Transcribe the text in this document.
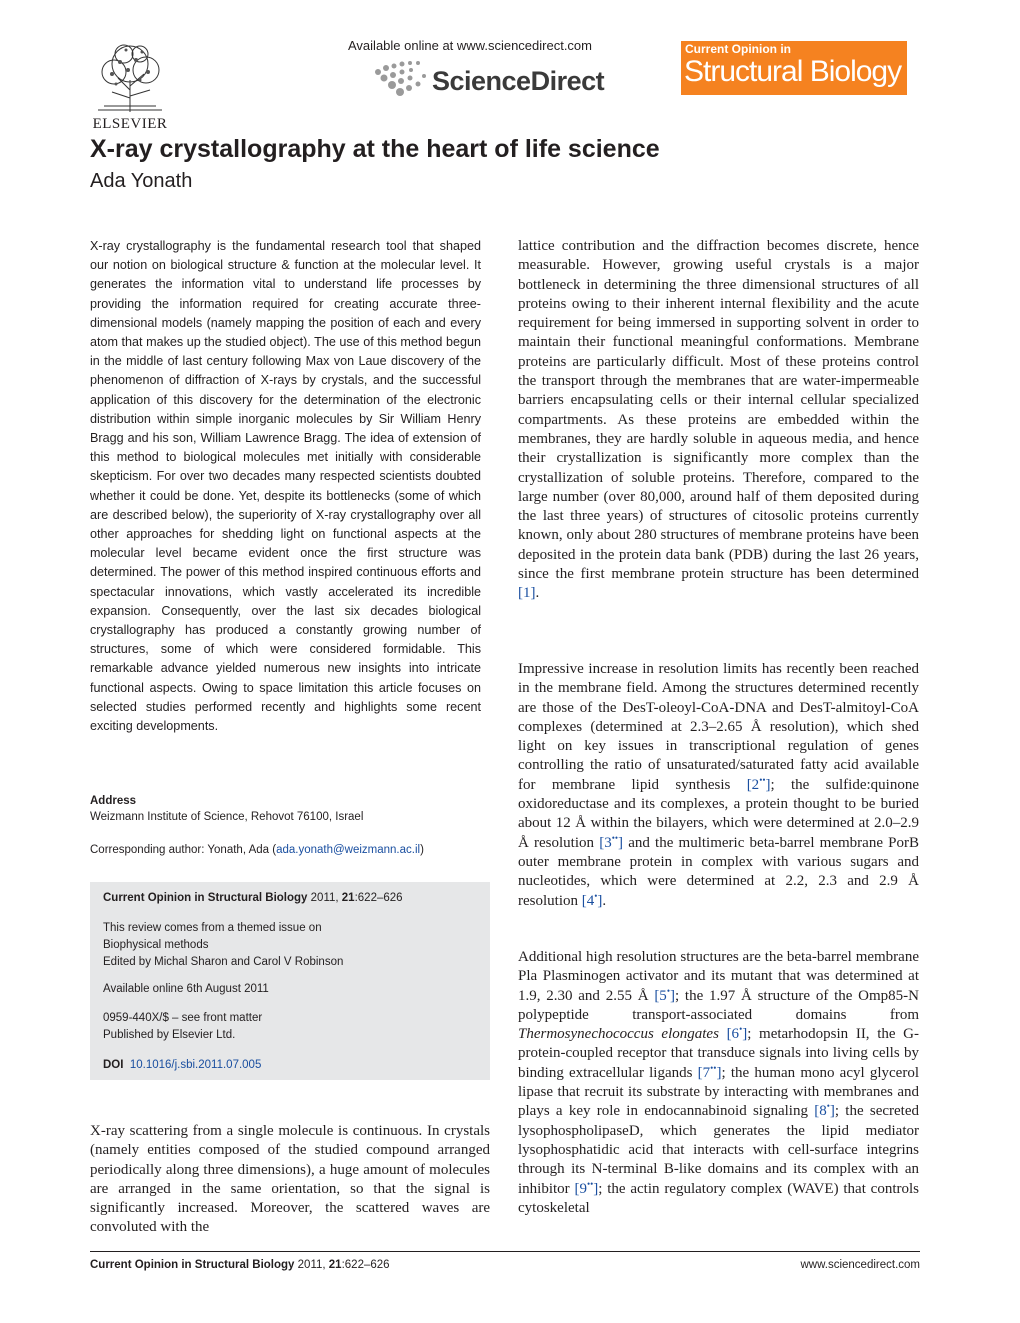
ELSEVIER
Available online at www.sciencedirect.com
ScienceDirect
Current Opinion in
Structural Biology
X-ray crystallography at the heart of life science
Ada Yonath

X-ray crystallography is the fundamental research tool that shaped our notion on biological structure & function at the molecular level. It generates the information vital to understand life processes by providing the information required for creating accurate three-dimensional models (namely mapping the position of each and every atom that makes up the studied object). The use of this method begun in the middle of last century following Max von Laue discovery of the phenomenon of diffraction of X-rays by crystals, and the successful application of this discovery for the determination of the electronic distribution within simple inorganic molecules by Sir William Henry Bragg and his son, William Lawrence Bragg. The idea of extension of this method to biological molecules met initially with considerable skepticism. For over two decades many respected scientists doubted whether it could be done. Yet, despite its bottlenecks (some of which are described below), the superiority of X-ray crystallography over all other approaches for shedding light on functional aspects at the molecular level became evident once the first structure was determined. The power of this method inspired continuous efforts and spectacular innovations, which vastly accelerated its incredible expansion. Consequently, over the last six decades biological crystallography has produced a constantly growing number of structures, some of which were considered formidable. This remarkable advance yielded numerous new insights into intricate functional aspects. Owing to space limitation this article focuses on selected studies performed recently and highlights some recent exciting developments.

Address
Weizmann Institute of Science, Rehovot 76100, Israel
Corresponding author: Yonath, Ada (ada.yonath@weizmann.ac.il)
Current Opinion in Structural Biology 2011, 21:622–626
This review comes from a themed issue on
Biophysical methods
Edited by Michal Sharon and Carol V Robinson
Available online 6th August 2011
0959-440X/$ – see front matter
Published by Elsevier Ltd.
DOI 10.1016/j.sbi.2011.07.005

X-ray scattering from a single molecule is continuous. In crystals (namely entities composed of the studied compound arranged periodically along three dimensions), a huge amount of molecules are arranged in the same orientation, so that the signal is significantly increased. Moreover, the scattered waves are convoluted with the

lattice contribution and the diffraction becomes discrete, hence measurable. However, growing useful crystals is a major bottleneck in determining the three dimensional structures of all proteins owing to their inherent internal flexibility and the acute requirement for being immersed in supporting solvent in order to maintain their functional meaningful conformations. Membrane proteins are particularly difficult. Most of these proteins control the transport through the membranes that are water-impermeable barriers encapsulating cells or their internal cellular specialized compartments. As these proteins are embedded within the membranes, they are hardly soluble in aqueous media, and hence their crystallization is significantly more complex than the crystallization of soluble proteins. Therefore, compared to the large number (over 80,000, around half of them deposited during the last three years) of structures of citosolic proteins currently known, only about 280 structures of membrane proteins have been deposited in the protein data bank (PDB) during the last 26 years, since the first membrane protein structure has been determined [1].

Impressive increase in resolution limits has recently been reached in the membrane field. Among the structures determined recently are those of the DesT-oleoyl-CoA-DNA and DesT-almitoyl-CoA complexes (determined at 2.3–2.65 Å resolution), which shed light on key issues in transcriptional regulation of genes controlling the ratio of unsaturated/saturated fatty acid available for membrane lipid synthesis [2••]; the sulfide:quinone oxidoreductase and its complexes, a protein thought to be buried about 12 Å within the bilayers, which were determined at 2.0–2.9 Å resolution [3••] and the multimeric beta-barrel membrane PorB outer membrane protein in complex with various sugars and nucleotides, which were determined at 2.2, 2.3 and 2.9 Å resolution [4•].

Additional high resolution structures are the beta-barrel membrane Pla Plasminogen activator and its mutant that was determined at 1.9, 2.30 and 2.55 Å [5•]; the 1.97 Å structure of the Omp85-N polypeptide transport-associated domains from Thermosynechococcus elongates [6•]; metarhodopsin II, the G-protein-coupled receptor that transduce signals into living cells by binding extracellular ligands [7••]; the human mono acyl glycerol lipase that recruit its substrate by interacting with membranes and plays a key role in endocannabinoid signaling [8•]; the secreted lysophospholipaseD, which generates the lipid mediator lysophosphatidic acid that interacts with cell-surface integrins through its N-terminal B-like domains and its complex with an inhibitor [9••]; the actin regulatory complex (WAVE) that controls cytoskeletal

Current Opinion in Structural Biology 2011, 21:622–626	www.sciencedirect.com
